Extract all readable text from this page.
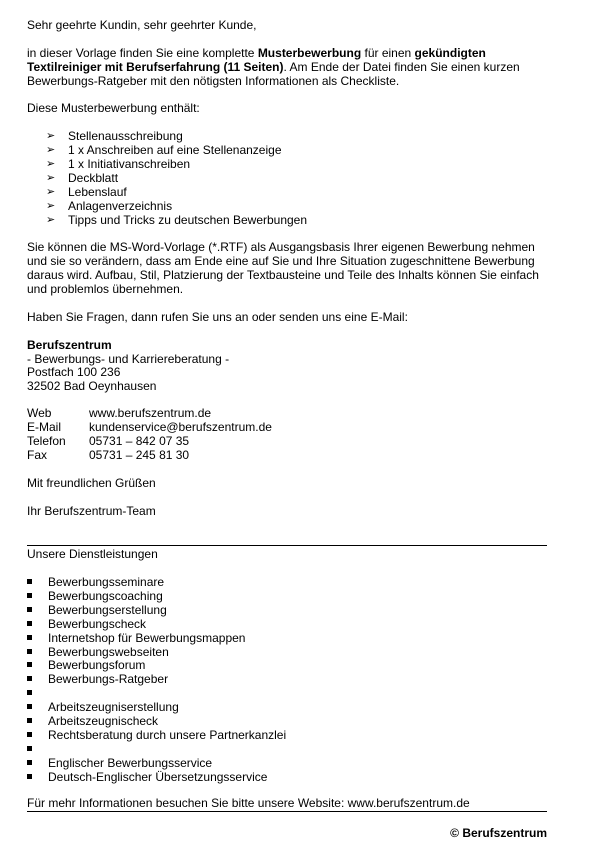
Sehr geehrte Kundin, sehr geehrter Kunde,
in dieser Vorlage finden Sie eine komplette Musterbewerbung für einen gekündigten
Textilreiniger mit Berufserfahrung (11 Seiten). Am Ende der Datei finden Sie einen kurzen
Bewerbungs-Ratgeber mit den nötigsten Informationen als Checkliste.
Diese Musterbewerbung enthält:
➢ Stellenausschreibung
➢ 1 x Anschreiben auf eine Stellenanzeige
➢ 1 x Initiativanschreiben
➢ Deckblatt
➢ Lebenslauf
➢ Anlagenverzeichnis
➢ Tipps und Tricks zu deutschen Bewerbungen
Sie können die MS-Word-Vorlage (*.RTF) als Ausgangsbasis Ihrer eigenen Bewerbung nehmen
und sie so verändern, dass am Ende eine auf Sie und Ihre Situation zugeschnittene Bewerbung
daraus wird. Aufbau, Stil, Platzierung der Textbausteine und Teile des Inhalts können Sie einfach
und problemlos übernehmen.
Haben Sie Fragen, dann rufen Sie uns an oder senden uns eine E-Mail:
Berufszentrum
- Bewerbungs- und Karriereberatung -
Postfach 100 236
32502 Bad Oeynhausen
Web	www.berufszentrum.de
E-Mail kundenservice@berufszentrum.de
Telefon 05731 – 842 07 35
Fax	05731 – 245 81 30
Mit freundlichen Grüßen
Ihr Berufszentrum-Team
Unsere Dienstleistungen
Bewerbungsseminare
Bewerbungscoaching
Bewerbungserstellung
Bewerbungscheck
Internetshop für Bewerbungsmappen
Bewerbungswebseiten
Bewerbungsforum
Bewerbungs-Ratgeber
Arbeitszeugniserstellung
Arbeitszeugnischeck
Rechtsberatung durch unsere Partnerkanzlei
Englischer Bewerbungsservice
Deutsch-Englischer Übersetzungsservice
Für mehr Informationen besuchen Sie bitte unsere Website: www.berufszentrum.de
© Berufszentrum
